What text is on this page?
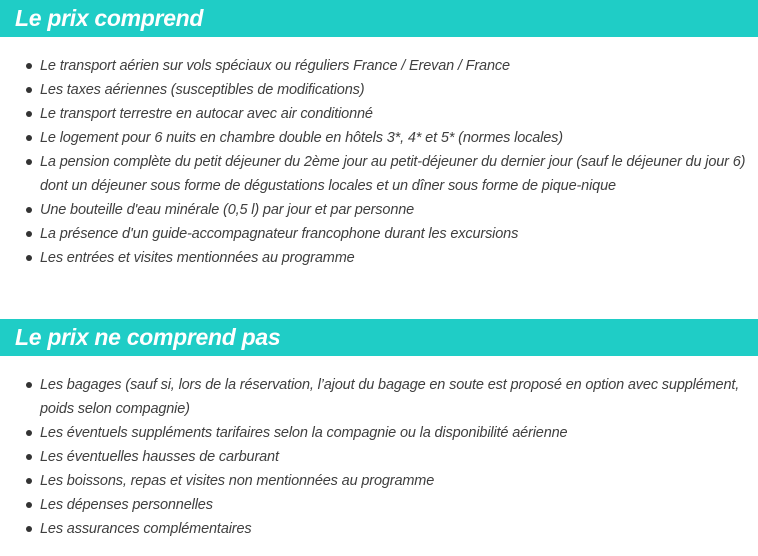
Le prix comprend
Le transport aérien sur vols spéciaux ou réguliers France / Erevan / France
Les taxes aériennes (susceptibles de modifications)
Le transport terrestre en autocar avec air conditionné
Le logement pour 6 nuits en chambre double en hôtels 3*, 4* et 5* (normes locales)
La pension complète du petit déjeuner du 2ème jour au petit-déjeuner du dernier jour (sauf le déjeuner du jour 6) dont un déjeuner sous forme de dégustations locales et un dîner sous forme de pique-nique
Une bouteille d'eau minérale (0,5 l) par jour et par personne
La présence d'un guide-accompagnateur francophone durant les excursions
Les entrées et visites mentionnées au programme
Le prix ne comprend pas
Les bagages (sauf si, lors de la réservation, l’ajout du bagage en soute est proposé en option avec supplément, poids selon compagnie)
Les éventuels suppléments tarifaires selon la compagnie ou la disponibilité aérienne
Les éventuelles hausses de carburant
Les boissons, repas et visites non mentionnées au programme
Les dépenses personnelles
Les assurances complémentaires
